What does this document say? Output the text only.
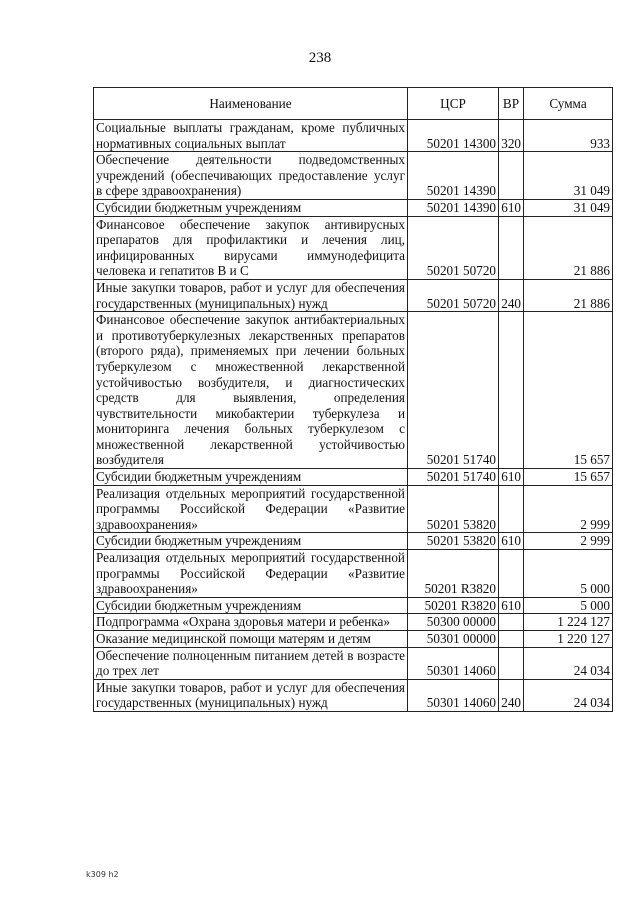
238
Наименование	ЦСР	ВР	Сумма
Социальные выплаты гражданам, кроме публичных нормативных социальных выплат	50201 14300	320	933
Обеспечение деятельности подведомственных учреждений (обеспечивающих предоставление услуг в сфере здравоохранения)	50201 14390		31 049
Субсидии бюджетным учреждениям	50201 14390	610	31 049
Финансовое обеспечение закупок антивирусных препаратов для профилактики и лечения лиц, инфицированных вирусами иммунодефицита человека и гепатитов В и С	50201 50720		21 886
Иные закупки товаров, работ и услуг для обеспечения государственных (муниципальных) нужд	50201 50720	240	21 886
Финансовое обеспечение закупок антибактериальных и противотуберкулезных лекарственных препаратов (второго ряда), применяемых при лечении больных туберкулезом с множественной лекарственной устойчивостью возбудителя, и диагностических средств для выявления, определения чувствительности микобактерии туберкулеза и мониторинга лечения больных туберкулезом с множественной лекарственной устойчивостью возбудителя	50201 51740		15 657
Субсидии бюджетным учреждениям	50201 51740	610	15 657
Реализация отдельных мероприятий государственной программы Российской Федерации «Развитие здравоохранения»	50201 53820		2 999
Субсидии бюджетным учреждениям	50201 53820	610	2 999
Реализация отдельных мероприятий государственной программы Российской Федерации «Развитие здравоохранения»	50201 R3820		5 000
Субсидии бюджетным учреждениям	50201 R3820	610	5 000
Подпрограмма «Охрана здоровья матери и ребенка»	50300 00000		1 224 127
Оказание медицинской помощи матерям и детям	50301 00000		1 220 127
Обеспечение полноценным питанием детей в возрасте до трех лет	50301 14060		24 034
Иные закупки товаров, работ и услуг для обеспечения государственных (муниципальных) нужд	50301 14060	240	24 034
k309 h2
